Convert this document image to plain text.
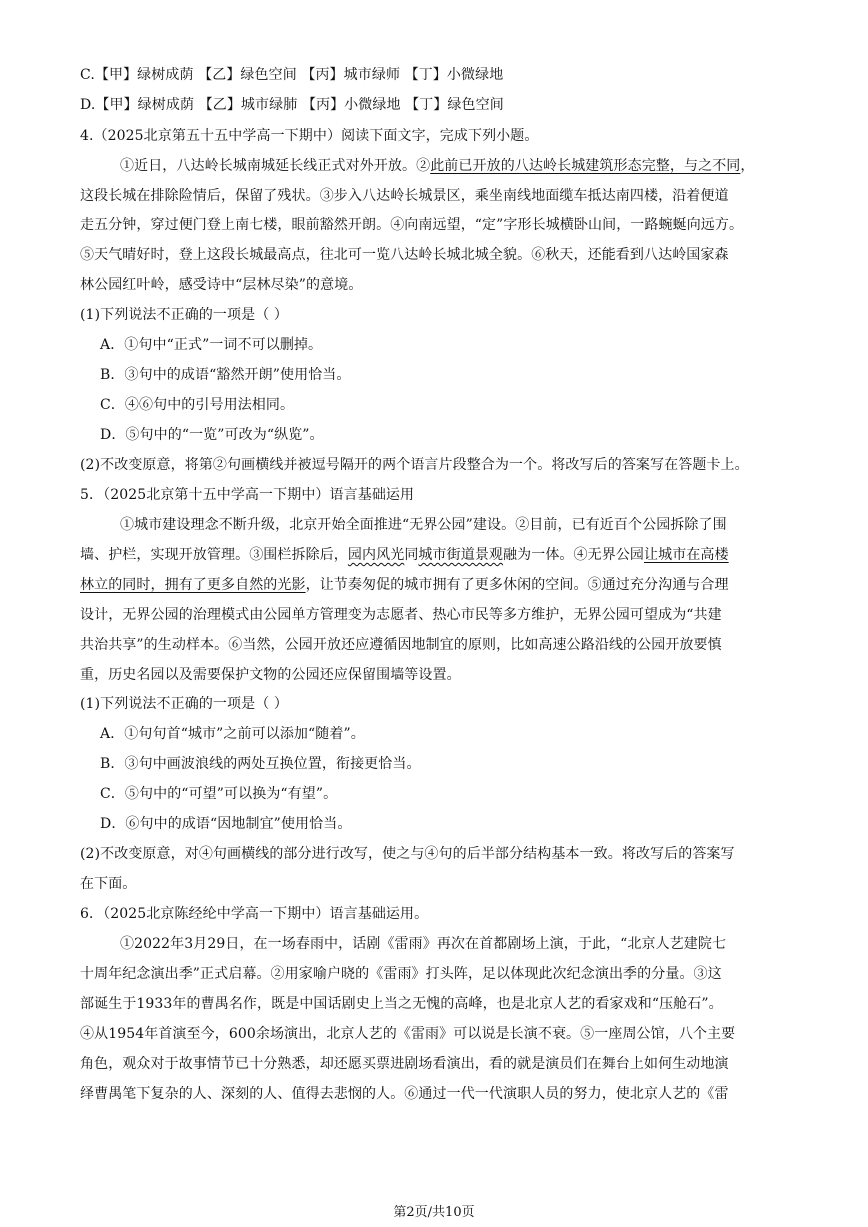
C.【甲】绿树成荫 【乙】绿色空间 【丙】城市绿师 【丁】小微绿地
D.【甲】绿树成荫 【乙】城市绿肺 【丙】小微绿地 【丁】绿色空间
4.（2025北京第五十五中学高一下期中）阅读下面文字，完成下列小题。
①近日，八达岭长城南城延长线正式对外开放。②此前已开放的八达岭长城建筑形态完整，与之不同，
这段长城在排除险情后，保留了残状。③步入八达岭长城景区，乘坐南线地面缆车抵达南四楼，沿着便道
走五分钟，穿过便门登上南七楼，眼前豁然开朗。④向南远望，“定”字形长城横卧山间，一路蜿蜒向远方。
⑤天气晴好时，登上这段长城最高点，往北可一览八达岭长城北城全貌。⑥秋天，还能看到八达岭国家森
林公园红叶岭，感受诗中“层林尽染”的意境。
(1)下列说法不正确的一项是（ ）
A．①句中“正式”一词不可以删掉。
B．③句中的成语“豁然开朗”使用恰当。
C．④⑥句中的引号用法相同。
D．⑤句中的“一览”可改为“纵览”。
(2)不改变原意，将第②句画横线并被逗号隔开的两个语言片段整合为一个。将改写后的答案写在答题卡上。
5．（2025北京第十五中学高一下期中）语言基础运用
①城市建设理念不断升级，北京开始全面推进“无界公园”建设。②目前，已有近百个公园拆除了围
墙、护栏，实现开放管理。③围栏拆除后，园内风光同城市街道景观融为一体。④无界公园让城市在高楼
林立的同时，拥有了更多自然的光影，让节奏匆促的城市拥有了更多休闲的空间。⑤通过充分沟通与合理
设计，无界公园的治理模式由公园单方管理变为志愿者、热心市民等多方维护，无界公园可望成为“共建
共治共享”的生动样本。⑥当然，公园开放还应遵循因地制宜的原则，比如高速公路沿线的公园开放要慎
重，历史名园以及需要保护文物的公园还应保留围墙等设置。
(1)下列说法不正确的一项是（ ）
A．①句句首“城市”之前可以添加“随着”。
B．③句中画波浪线的两处互换位置，衔接更恰当。
C．⑤句中的“可望”可以换为“有望”。
D．⑥句中的成语“因地制宜”使用恰当。
(2)不改变原意，对④句画横线的部分进行改写，使之与④句的后半部分结构基本一致。将改写后的答案写
在下面。
6．（2025北京陈经纶中学高一下期中）语言基础运用。
①2022年3月29日，在一场春雨中，话剧《雷雨》再次在首都剧场上演，于此，“北京人艺建院七
十周年纪念演出季”正式启幕。②用家喻户晓的《雷雨》打头阵，足以体现此次纪念演出季的分量。③这
部诞生于1933年的曹禺名作，既是中国话剧史上当之无愧的高峰，也是北京人艺的看家戏和“压舱石”。
④从1954年首演至今，600余场演出，北京人艺的《雷雨》可以说是长演不衰。⑤一座周公馆，八个主要
角色，观众对于故事情节已十分熟悉，却还愿买票进剧场看演出，看的就是演员们在舞台上如何生动地演
绎曹禺笔下复杂的人、深刻的人、值得去悲悯的人。⑥通过一代一代演职人员的努力，使北京人艺的《雷
第2页/共10页
